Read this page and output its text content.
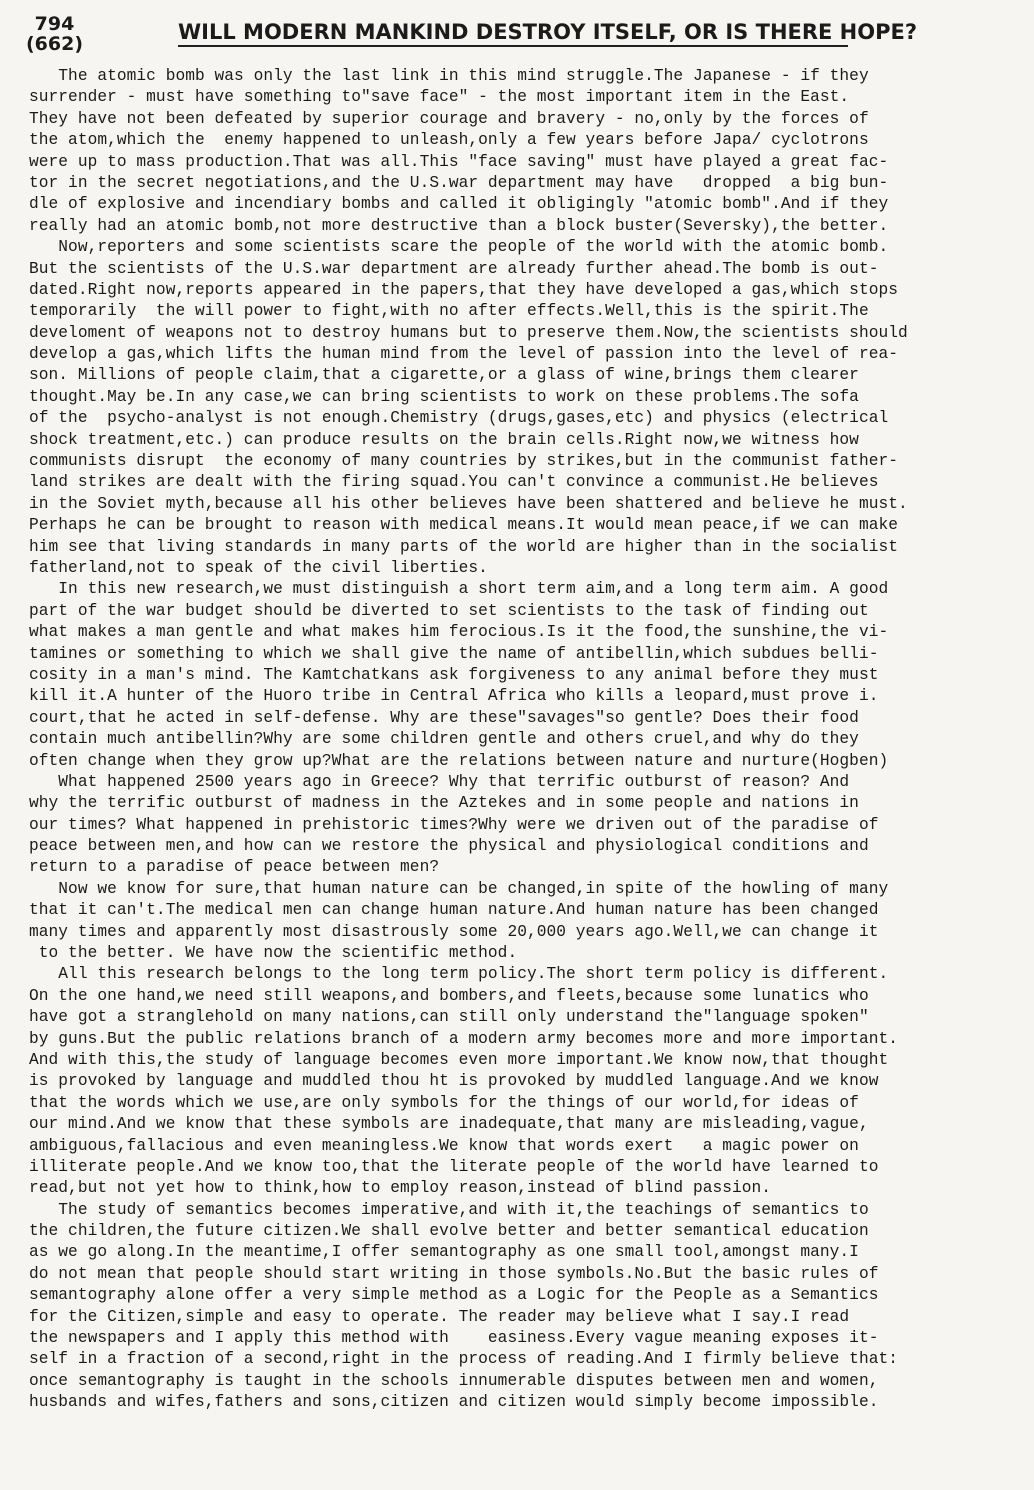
794
(662)	WILL MODERN MANKIND DESTROY ITSELF, OR IS THERE HOPE?
The atomic bomb was only the last link in this mind struggle.The Japanese - if they
surrender - must have something to"save face" - the most important item in the East.
They have not been defeated by superior courage and bravery - no,only by the forces of
the atom,which the  enemy happened to unleash,only a few years before Japa/ cyclotrons
were up to mass production.That was all.This "face saving" must have played a great fac-
tor in the secret negotiations,and the U.S.war department may have   dropped  a big bun-
dle of explosive and incendiary bombs and called it obligingly "atomic bomb".And if they
really had an atomic bomb,not more destructive than a block buster(Seversky),the better.
Now,reporters and some scientists scare the people of the world with the atomic bomb.
But the scientists of the U.S.war department are already further ahead.The bomb is out-
dated.Right now,reports appeared in the papers,that they have developed a gas,which stops
temporarily  the will power to fight,with no after effects.Well,this is the spirit.The
develoment of weapons not to destroy humans but to preserve them.Now,the scientists should
develop a gas,which lifts the human mind from the level of passion into the level of rea-
son. Millions of people claim,that a cigarette,or a glass of wine,brings them clearer
thought.May be.In any case,we can bring scientists to work on these problems.The sofa
of the  psycho-analyst is not enough.Chemistry (drugs,gases,etc) and physics (electrical
shock treatment,etc.) can produce results on the brain cells.Right now,we witness how
communists disrupt  the economy of many countries by strikes,but in the communist father-
land strikes are dealt with the firing squad.You can't convince a communist.He believes
in the Soviet myth,because all his other believes have been shattered and believe he must.
Perhaps he can be brought to reason with medical means.It would mean peace,if we can make
him see that living standards in many parts of the world are higher than in the socialist
fatherland,not to speak of the civil liberties.
In this new research,we must distinguish a short term aim,and a long term aim. A good
part of the war budget should be diverted to set scientists to the task of finding out
what makes a man gentle and what makes him ferocious.Is it the food,the sunshine,the vi-
tamines or something to which we shall give the name of antibellin,which subdues belli-
cosity in a man's mind. The Kamtchatkans ask forgiveness to any animal before they must
kill it.A hunter of the Huoro tribe in Central Africa who kills a leopard,must prove i.
court,that he acted in self-defense. Why are these"savages"so gentle? Does their food
contain much antibellin?Why are some children gentle and others cruel,and why do they
often change when they grow up?What are the relations between nature and nurture(Hogben)
What happened 2500 years ago in Greece? Why that terrific outburst of reason? And
why the terrific outburst of madness in the Aztekes and in some people and nations in
our times? What happened in prehistoric times?Why were we driven out of the paradise of
peace between men,and how can we restore the physical and physiological conditions and
return to a paradise of peace between men?
Now we know for sure,that human nature can be changed,in spite of the howling of many
that it can't.The medical men can change human nature.And human nature has been changed
many times and apparently most disastrously some 20,000 years ago.Well,we can change it
to the better. We have now the scientific method.
All this research belongs to the long term policy.The short term policy is different.
On the one hand,we need still weapons,and bombers,and fleets,because some lunatics who
have got a stranglehold on many nations,can still only understand the"language spoken"
by guns.But the public relations branch of a modern army becomes more and more important.
And with this,the study of language becomes even more important.We know now,that thought
is provoked by language and muddled thou ht is provoked by muddled language.And we know
that the words which we use,are only symbols for the things of our world,for ideas of
our mind.And we know that these symbols are inadequate,that many are misleading,vague,
ambiguous,fallacious and even meaningless.We know that words exert   a magic power on
illiterate people.And we know too,that the literate people of the world have learned to
read,but not yet how to think,how to employ reason,instead of blind passion.
The study of semantics becomes imperative,and with it,the teachings of semantics to
the children,the future citizen.We shall evolve better and better semantical education
as we go along.In the meantime,I offer semantography as one small tool,amongst many.I
do not mean that people should start writing in those symbols.No.But the basic rules of
semantography alone offer a very simple method as a Logic for the People as a Semantics
for the Citizen,simple and easy to operate. The reader may believe what I say.I read
the newspapers and I apply this method with    easiness.Every vague meaning exposes it-
self in a fraction of a second,right in the process of reading.And I firmly believe that:
once semantography is taught in the schools innumerable disputes between men and women,
husbands and wifes,fathers and sons,citizen and citizen would simply become impossible.
